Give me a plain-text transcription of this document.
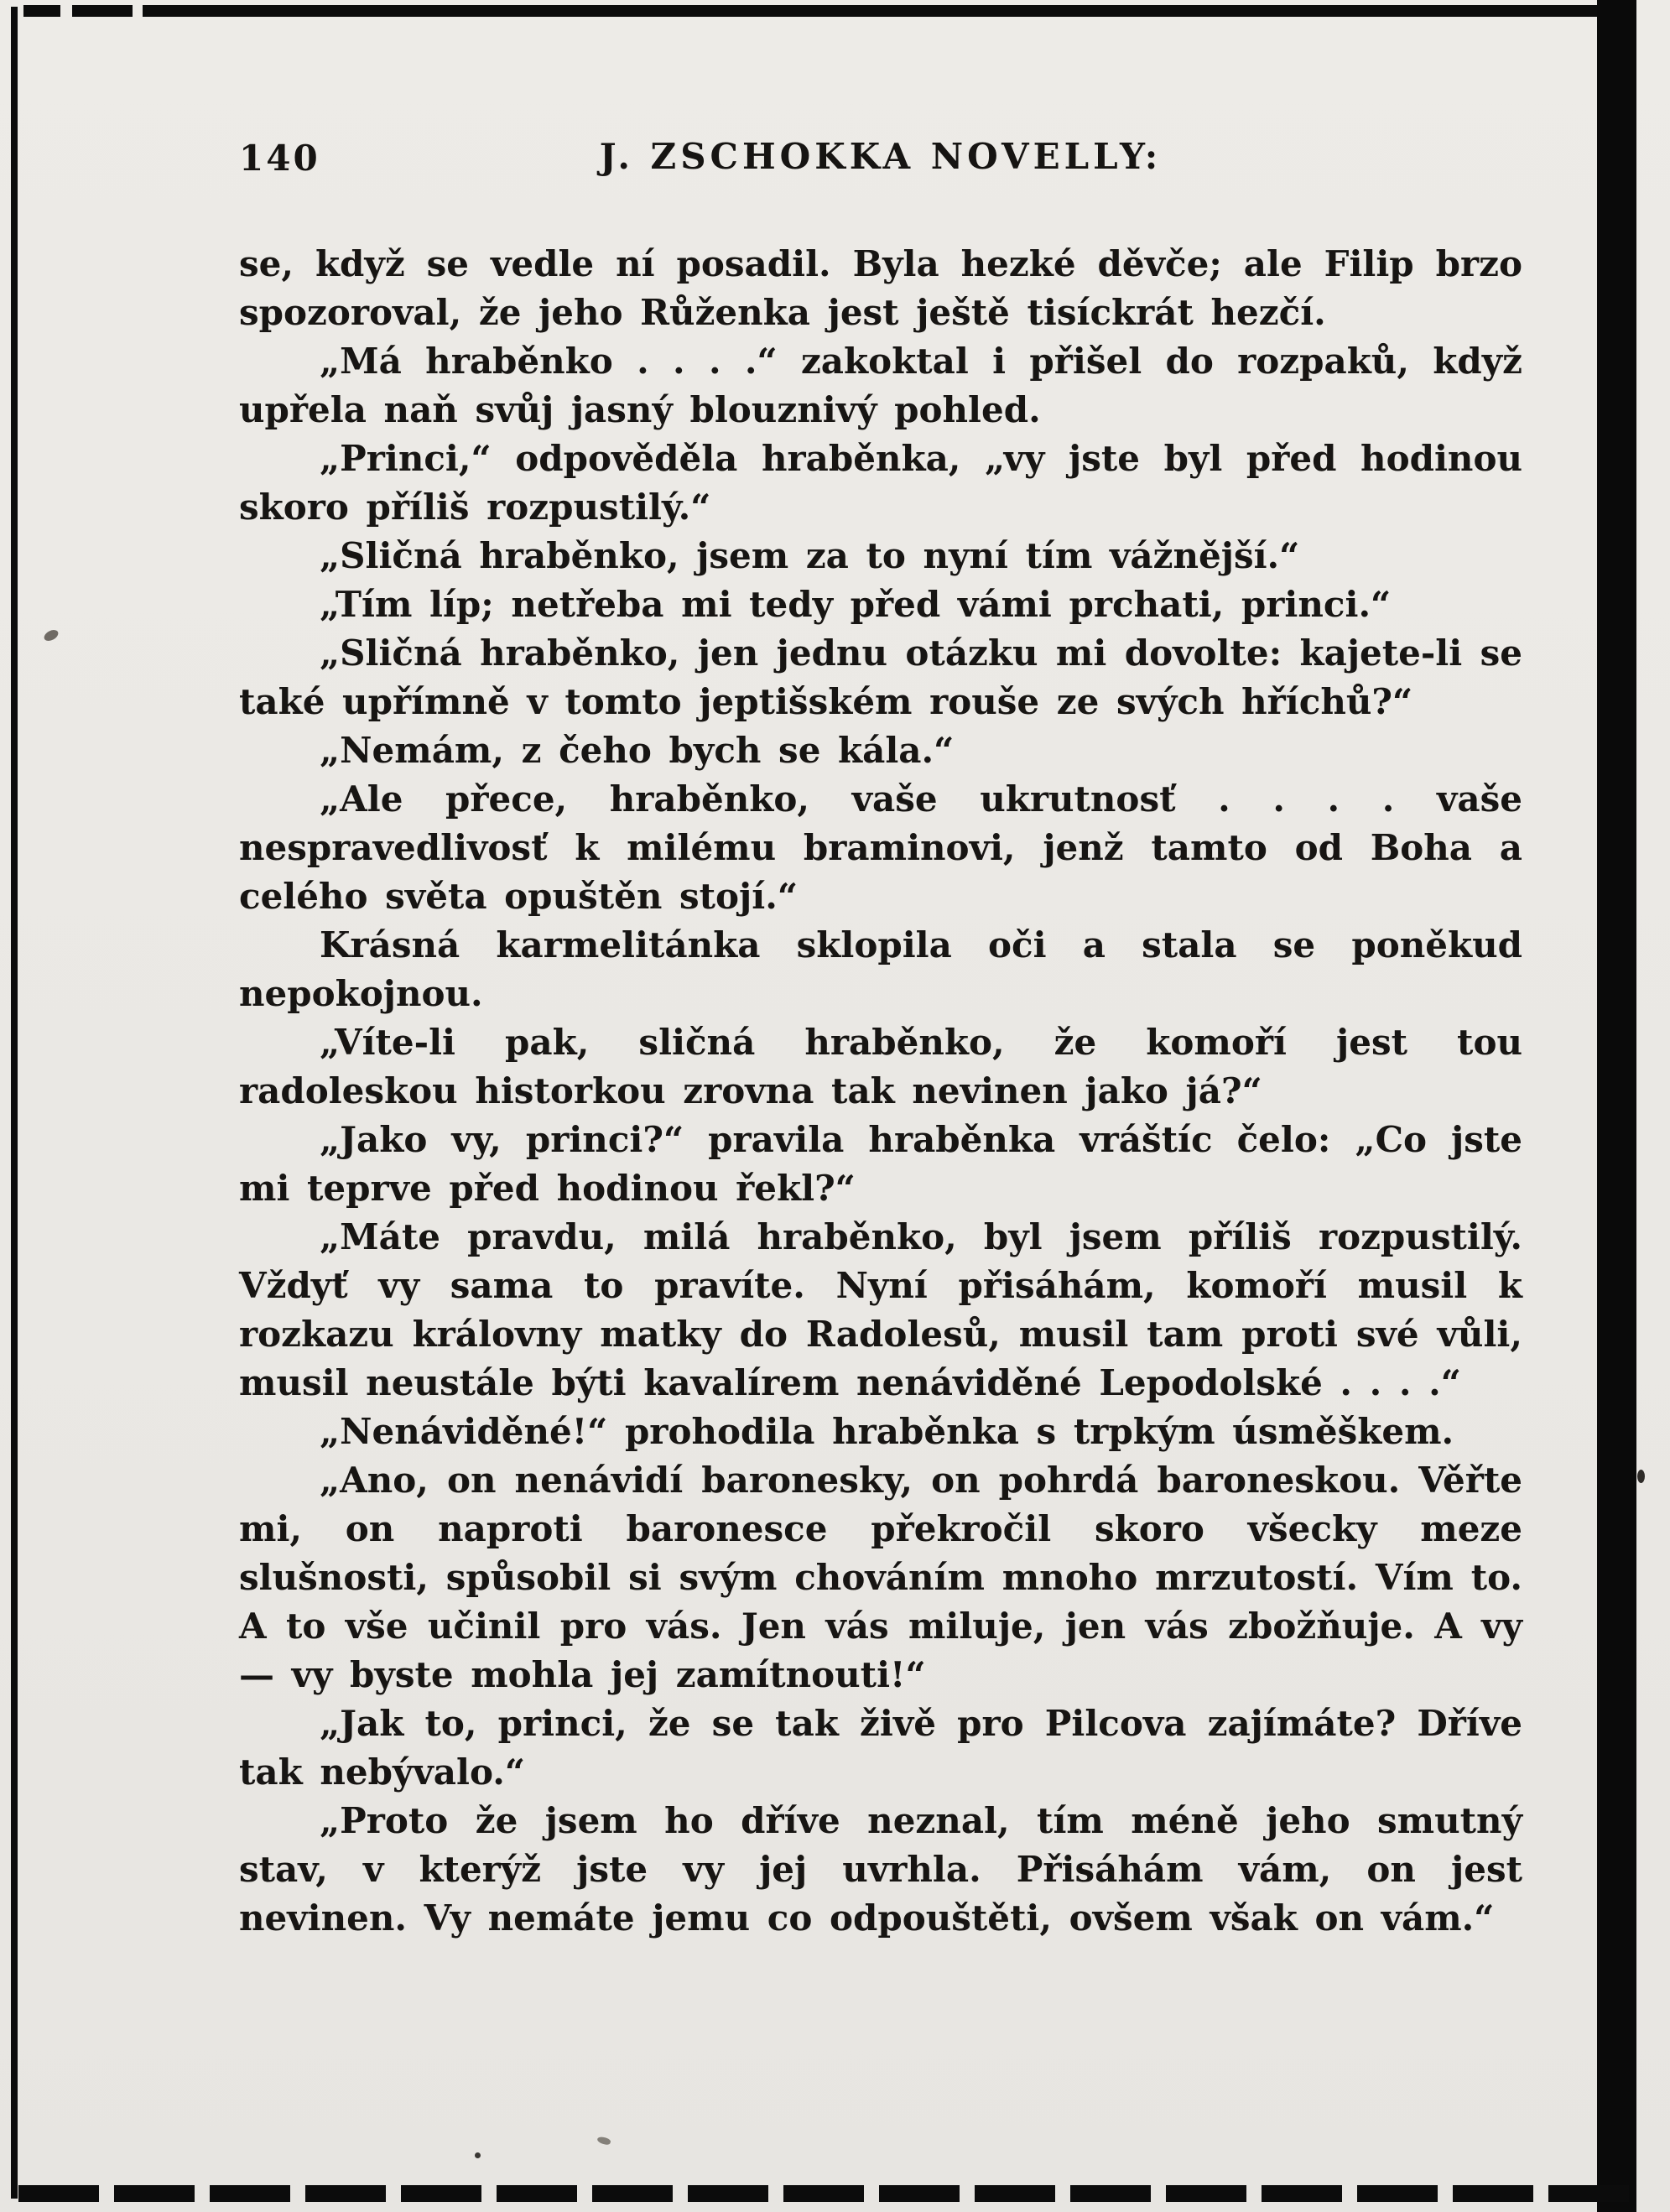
140	J. ZSCHOKKA NOVELLY:

se, když se vedle ní posadil. Byla hezké děvče; ale Filip brzo spozoroval, že jeho Růženka jest ještě tisíckrát hezčí.

„Má hraběnko . . . .“ zakoktal i přišel do rozpaků, když upřela naň svůj jasný blouznivý pohled.

„Princi,“ odpověděla hraběnka, „vy jste byl před hodinou skoro příliš rozpustilý.“

„Sličná hraběnko, jsem za to nyní tím vážnější.“

„Tím líp; netřeba mi tedy před vámi prchati, princi.“

„Sličná hraběnko, jen jednu otázku mi dovolte: kajete-li se také upřímně v tomto jeptišském rouše ze svých hříchů?“

„Nemám, z čeho bych se kála.“

„Ale přece, hraběnko, vaše ukrutnosť . . . . vaše nespravedlivosť k milému braminovi, jenž tamto od Boha a celého světa opuštěn stojí.“

Krásná karmelitánka sklopila oči a stala se poněkud nepokojnou.

„Víte-li pak, sličná hraběnko, že komoří jest tou radoleskou historkou zrovna tak nevinen jako já?“

„Jako vy, princi?“ pravila hraběnka vráštíc čelo: „Co jste mi teprve před hodinou řekl?“

„Máte pravdu, milá hraběnko, byl jsem příliš rozpustilý. Vždyť vy sama to pravíte. Nyní přisáhám, komoří musil k rozkazu královny matky do Radolesů, musil tam proti své vůli, musil neustále býti kavalírem nenáviděné Lepodolské . . . .“

„Nenáviděné!“ prohodila hraběnka s trpkým úsměškem.

„Ano, on nenávidí baronesky, on pohrdá baroneskou. Věřte mi, on naproti baronesce překročil skoro všecky meze slušnosti, spůsobil si svým chováním mnoho mrzutostí. Vím to. A to vše učinil pro vás. Jen vás miluje, jen vás zbožňuje. A vy — vy byste mohla jej zamítnouti!“

„Jak to, princi, že se tak živě pro Pilcova zajímáte? Dříve tak nebývalo.“

„Proto že jsem ho dříve neznal, tím méně jeho smutný stav, v kterýž jste vy jej uvrhla. Přisáhám vám, on jest nevinen. Vy nemáte jemu co odpouštěti, ovšem však on vám.“
